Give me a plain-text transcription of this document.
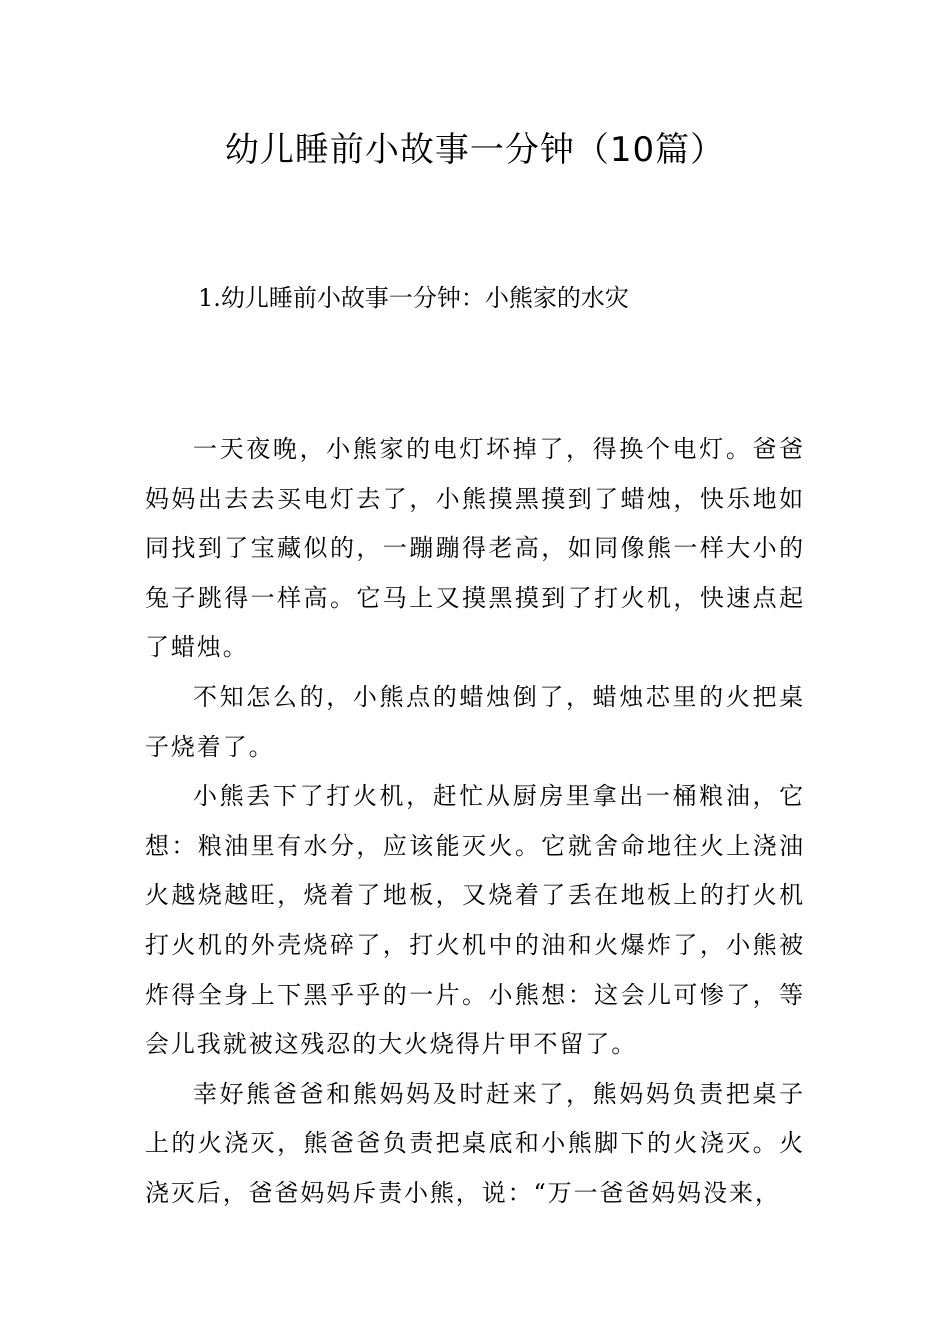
幼儿睡前小故事一分钟（10篇）
1.幼儿睡前小故事一分钟：小熊家的水灾

一天夜晚，小熊家的电灯坏掉了，得换个电灯。爸爸妈妈出去去买电灯去了，小熊摸黑摸到了蜡烛，快乐地如同找到了宝藏似的，一蹦蹦得老高，如同像熊一样大小的兔子跳得一样高。它马上又摸黑摸到了打火机，快速点起了蜡烛。

不知怎么的，小熊点的蜡烛倒了，蜡烛芯里的火把桌子烧着了。

小熊丢下了打火机，赶忙从厨房里拿出一桶粮油，它想：粮油里有水分，应该能灭火。它就舍命地往火上浇油火越烧越旺，烧着了地板，又烧着了丢在地板上的打火机打火机的外壳烧碎了，打火机中的油和火爆炸了，小熊被炸得全身上下黑乎乎的一片。小熊想：这会儿可惨了，等会儿我就被这残忍的大火烧得片甲不留了。

幸好熊爸爸和熊妈妈及时赶来了，熊妈妈负责把桌子上的火浇灭，熊爸爸负责把桌底和小熊脚下的火浇灭。火浇灭后，爸爸妈妈斥责小熊，说：“万一爸爸妈妈没来，
